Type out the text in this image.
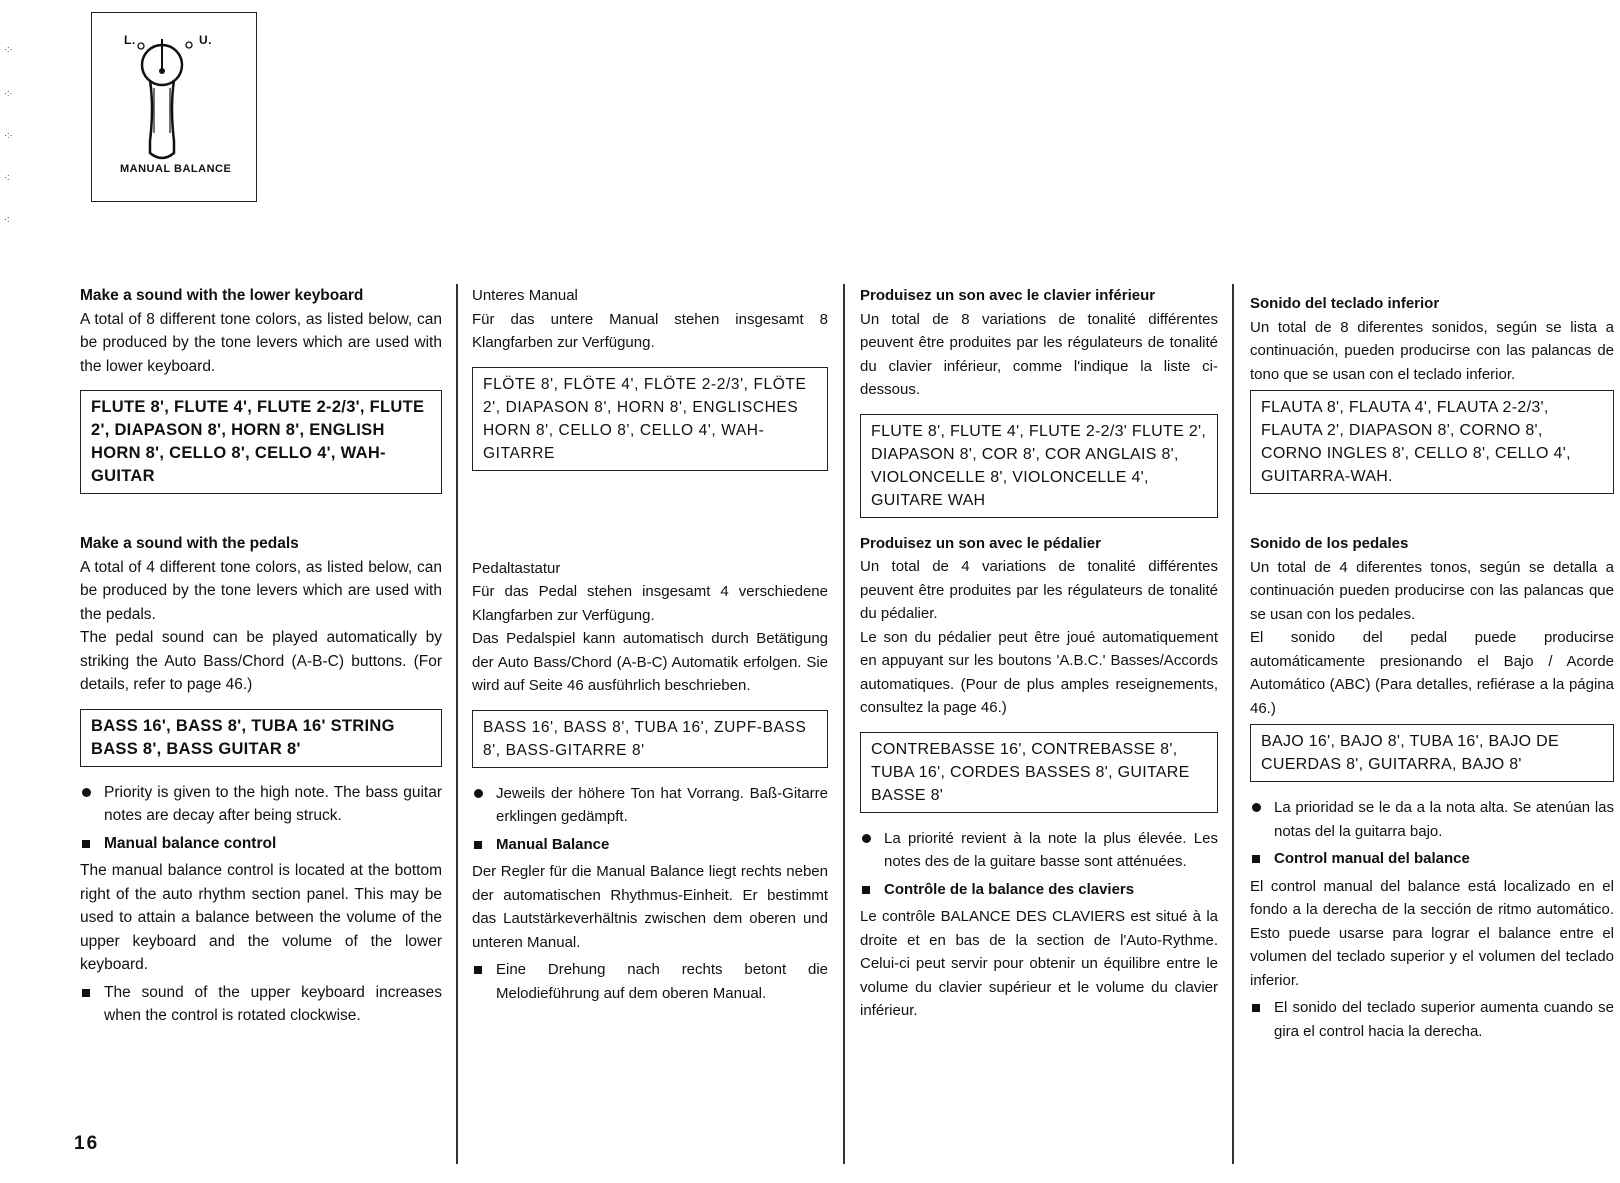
·:·
·:·
·:·
·:
·:
L.	U.
MANUAL BALANCE
Make a sound with the lower keyboard

A total of 8 different tone colors, as listed below, can be produced by the tone levers which are used with the lower keyboard.

FLUTE 8', FLUTE 4', FLUTE 2-2/3', FLUTE 2', DIAPASON 8', HORN 8', ENGLISH HORN 8', CELLO 8', CELLO 4', WAH-GUITAR
Make a sound with the pedals

A total of 4 different tone colors, as listed below, can be produced by the tone levers which are used with the pedals.

The pedal sound can be played automatically by striking the Auto Bass/Chord (A-B-C) buttons. (For details, refer to page 46.)

BASS 16', BASS 8', TUBA 16' STRING BASS 8', BASS GUITAR 8'
Priority is given to the high note. The bass guitar notes are decay after being struck.
Manual balance control

The manual balance control is located at the bottom right of the auto rhythm section panel. This may be used to attain a balance between the volume of the upper keyboard and the volume of the lower keyboard.

The sound of the upper keyboard increases when the control is rotated clockwise.
Unteres Manual

Für das untere Manual stehen insgesamt 8 Klangfarben zur Verfügung.

FLÖTE 8', FLÖTE 4', FLÖTE 2-2/3', FLÖTE 2', DIAPASON 8', HORN 8', ENGLISCHES HORN 8', CELLO 8', CELLO 4', WAH-GITARRE
Pedaltastatur

Für das Pedal stehen insgesamt 4 verschiedene Klangfarben zur Verfügung.

Das Pedalspiel kann automatisch durch Betätigung der Auto Bass/Chord (A-B-C) Automatik erfolgen. Sie wird auf Seite 46 ausführlich beschrieben.

BASS 16', BASS 8', TUBA 16', ZUPF-BASS 8', BASS-GITARRE 8'
Jeweils der höhere Ton hat Vorrang. Baß-Gitarre erklingen gedämpft.
Manual Balance

Der Regler für die Manual Balance liegt rechts neben der automatischen Rhythmus-Einheit. Er bestimmt das Lautstärkeverhältnis zwischen dem oberen und unteren Manual.

Eine Drehung nach rechts betont die Melodieführung auf dem oberen Manual.
Produisez un son avec le clavier inférieur

Un total de 8 variations de tonalité différentes peuvent être produites par les régulateurs de tonalité du clavier inférieur, comme l'indique la liste ci-dessous.

FLUTE 8', FLUTE 4', FLUTE 2-2/3' FLUTE 2', DIAPASON 8', COR 8', COR ANGLAIS 8', VIOLONCELLE 8', VIOLONCELLE 4', GUITARE WAH
Produisez un son avec le pédalier

Un total de 4 variations de tonalité différentes peuvent être produites par les régulateurs de tonalité du pédalier.

Le son du pédalier peut être joué automatiquement en appuyant sur les boutons 'A.B.C.' Basses/Accords automatiques. (Pour de plus amples reseignements, consultez la page 46.)

CONTREBASSE 16', CONTREBASSE 8', TUBA 16', CORDES BASSES 8', GUITARE BASSE 8'
La priorité revient à la note la plus élevée. Les notes des de la guitare basse sont atténuées.
Contrôle de la balance des claviers

Le contrôle BALANCE DES CLAVIERS est situé à la droite et en bas de la section de l'Auto-Rythme. Celui-ci peut servir pour obtenir un équilibre entre le volume du clavier supérieur et le volume du clavier inférieur.

Sonido del teclado inferior

Un total de 8 diferentes sonidos, según se lista a continuación, pueden producirse con las palancas de tono que se usan con el teclado inferior.

FLAUTA 8', FLAUTA 4', FLAUTA 2-2/3', FLAUTA 2', DIAPASON 8', CORNO 8', CORNO INGLES 8', CELLO 8', CELLO 4', GUITARRA-WAH.
Sonido de los pedales

Un total de 4 diferentes tonos, según se detalla a continuación pueden producirse con las palancas que se usan con los pedales.

El sonido del pedal puede producirse automáticamente presionando el Bajo / Acorde Automático (ABC) (Para detalles, refiérase a la página 46.)

BAJO 16', BAJO 8', TUBA 16', BAJO DE CUERDAS 8', GUITARRA, BAJO 8'
La prioridad se le da a la nota alta. Se atenúan las notas del la guitarra bajo.
Control manual del balance

El control manual del balance está localizado en el fondo a la derecha de la sección de ritmo automático. Esto puede usarse para lograr el balance entre el volumen del teclado superior y el volumen del teclado inferior.

El sonido del teclado superior aumenta cuando se gira el control hacia la derecha.
16
